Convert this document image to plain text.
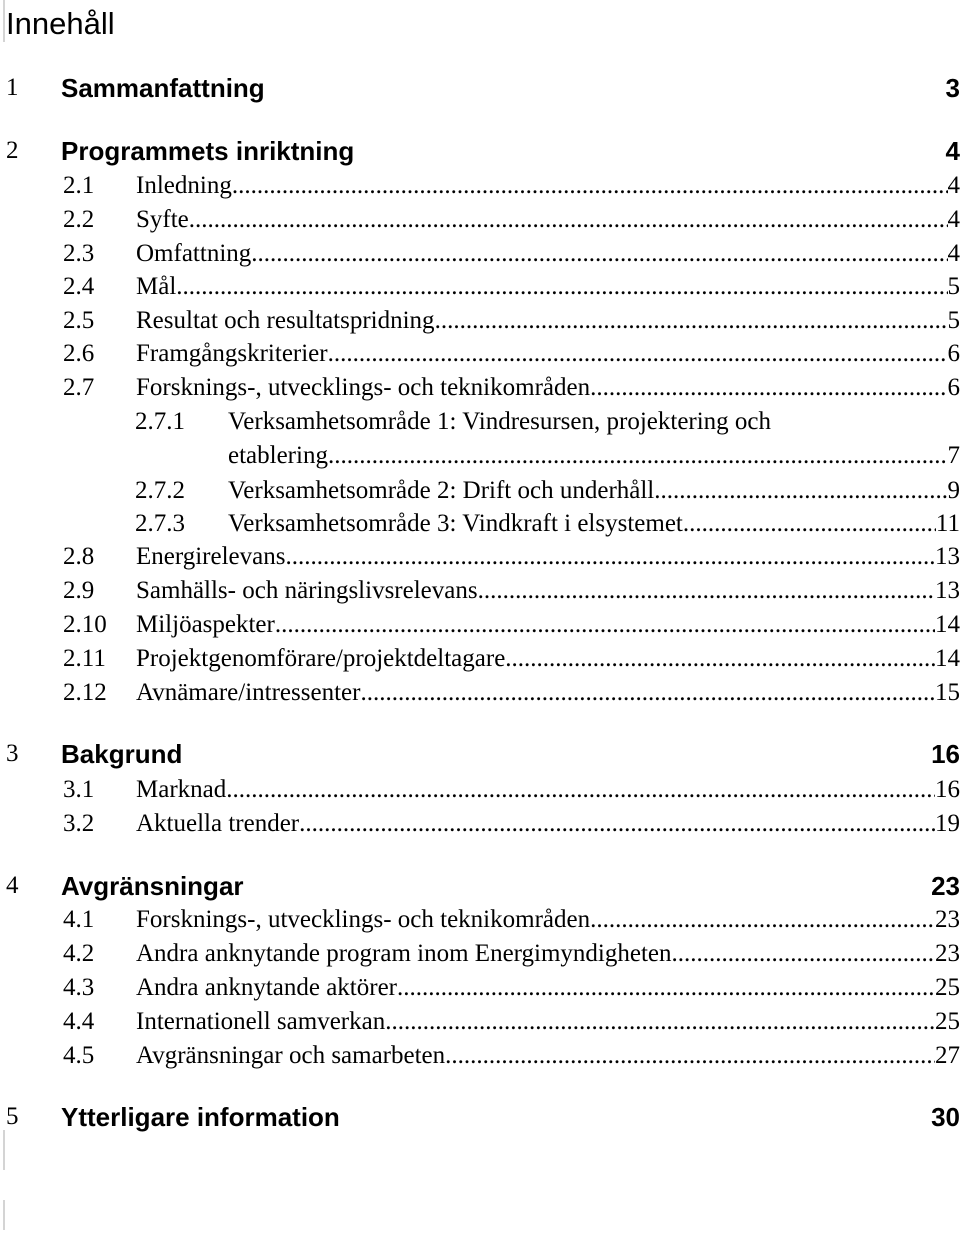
Innehåll
1 Sammanfattning	3
2 Programmets inriktning	4
2.1	Inledning .....	4
2.2	Syfte .....	4
2.3	Omfattning .....	4
2.4	Mål .....	5
2.5	Resultat och resultatspridning .....	5
2.6	Framgångskriterier .....	6
2.7	Forsknings-, utvecklings- och teknikområden .....	6
2.7.1	Verksamhetsområde 1: Vindresursen, projektering och
etablering .....	7
2.7.2	Verksamhetsområde 2: Drift och underhåll .....	9
2.7.3	Verksamhetsområde 3: Vindkraft i elsystemet .....	11
2.8	Energirelevans .....	13
2.9	Samhälls- och näringslivsrelevans .....	13
2.10	Miljöaspekter .....	14
2.11	Projektgenomförare/projektdeltagare .....	14
2.12	Avnämare/intressenter .....	15
3 Bakgrund	16
3.1	Marknad .....	16
3.2	Aktuella trender .....	19
4 Avgränsningar	23
4.1	Forsknings-, utvecklings- och teknikområden .....	23
4.2	Andra anknytande program inom Energimyndigheten .....	23
4.3	Andra anknytande aktörer .....	25
4.4	Internationell samverkan .....	25
4.5	Avgränsningar och samarbeten .....	27
5 Ytterligare information	30
